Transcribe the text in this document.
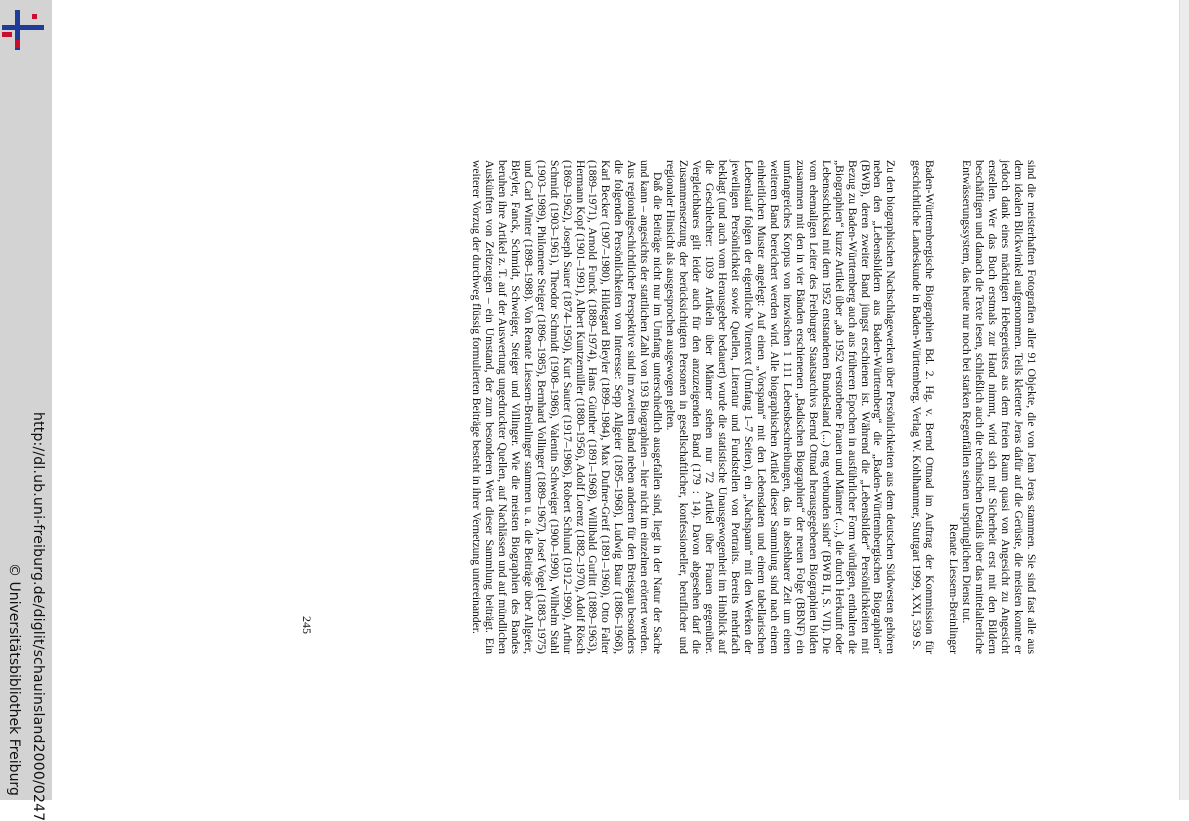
http://dl.ub.uni-freiburg.de/diglit/schauinsland2000/0247
© Universitätsbibliothek Freiburg

sind die meisterhaften Fotografien aller 91 Objekte, die von Jean Jeras stammen. Sie sind fast alle aus dem idealen Blickwinkel aufgenommen. Teils kletterte Jeras dafür auf die Gerüste, die meisten konnte er jedoch dank eines mächtigen Hebegerüstes aus dem freien Raum quasi von Angesicht zu Angesicht erstellen. Wer das Buch erstmals zur Hand nimmt, wird sich mit Sicherheit erst mit den Bildern beschäftigen und danach die Texte lesen, schließlich auch die technischen Details über das mittelalterliche Entwässerungssystem, das heute nur noch bei starken Regenfällen seinen ursprünglichen Dienst tut.

Renate Liessem-Breinlinger

Baden-Württembergische Biographien Bd. 2. Hg. v. Bernd Ottnad im Auftrag der Kommission für geschichtliche Landeskunde in Baden-Württemberg. Verlag W. Kohlhammer, Stuttgart 1999, XXI, 539 S.

Zu den biographischen Nachschlagewerken über Persönlichkeiten aus dem deutschen Südwesten gehören neben den „Lebensbildern aus Baden-Württemberg“ die „Baden-Württembergischen Biographien“ (BWB), deren zweiter Band jüngst erschienen ist. Während die „Lebensbilder“ Persönlichkeiten mit Bezug zu Baden-Württemberg auch aus früheren Epochen in ausführlicher Form würdigen, enthalten die „Biographien“ kurze Artikel über „ab 1952 verstorbene Frauen und Männer (...), die durch Herkunft oder Lebensschicksal mit dem 1952 entstandenen Bundesland (...) eng verbunden sind“ (BWB II, S. VII). Die vom ehemaligen Leiter des Freiburger Staatsarchivs Bernd Ottnad herausgegebenen Biographien bilden zusammen mit den in vier Bänden erschienenen „Badischen Biographien“ der neuen Folge (BBNF) ein umfangreiches Korpus von inzwischen 1 111 Lebensbeschreibungen, das in absehbarer Zeit um einen weiteren Band bereichert werden wird. Alle biographischen Artikel dieser Sammlung sind nach einem einheitlichen Muster angelegt: Auf einen „Vorspann“ mit den Lebensdaten und einem tabellarischen Lebenslauf folgen der eigentliche Vitentext (Umfang 1–7 Seiten), ein „Nachspann“ mit den Werken der jeweiligen Persönlichkeit sowie Quellen, Literatur und Fundstellen von Portraits. Bereits mehrfach beklagt (und auch vom Herausgeber bedauert) wurde die statistische Unausgewogenheit im Hinblick auf die Geschlechter: 1039 Artikeln über Männer stehen nur 72 Artikel über Frauen gegenüber. Vergleichbares gilt leider auch für den anzuzeigenden Band (179 : 14). Davon abgesehen darf die Zusammensetzung der berücksichtigten Personen in gesellschaftlicher, konfessioneller, beruflicher und regionaler Hinsicht als ausgesprochen ausgewogen gelten.

Daß die Beiträge nicht nur im Umfang unterschiedlich ausgefallen sind, liegt in der Natur der Sache und kann – angesichts der stattlichen Zahl von 193 Biographien – hier nicht im einzelnen erörtert werden. Aus regionalgeschichtlicher Perspektive sind im zweiten Band neben anderen für den Breisgau besonders die folgenden Persönlichkeiten von Interesse: Sepp Allgeier (1895–1968), Ludwig Baur (1886–1968), Karl Becker (1907–1980), Hildegard Bleyler (1899–1984), Max Dufner-Greif (1891–1960), Otto Falter (1889–1971), Arnold Funck (1889–1974), Hans Günther (1891–1968), Willibald Gurlitt (1889–1963), Hermann Kopf (1901–1991), Albert Kuntzemüller (1880–1956), Adolf Lorenz (1882–1970), Adolf Rösch (1869–1962), Joseph Sauer (1874–1950), Kurt Sauter (1917–1986), Robert Schlund (1912–1990), Arthur Schmidt (1903–1961), Theodor Schmidt (1908–1986), Valentin Schweiger (1900–1990), Wilhelm Stahl (1903–1989), Philomene Steiger (1896–1985), Bernhard Vollinger (1889–1967), Josef Vogel (1883–1975) und Carl Winter (1898–1988). Von Renate Liessem-Breinlinger stammen u. a. die Beiträge über Allgeier, Bleyler, Fanck, Schmidt, Schweiger, Steiger und Villinger. Wie die meisten Biographien des Bandes beruhen ihre Artikel z. T. auf der Auswertung ungedruckter Quellen, auf Nachlässen und auf mündlichen Auskünften von Zeitzeugen – ein Umstand, der zum besonderen Wert dieser Sammlung beiträgt. Ein weiterer Vorzug der durchweg flüssig formulierten Beiträge besteht in ihrer Vernetzung untereinander.

245
